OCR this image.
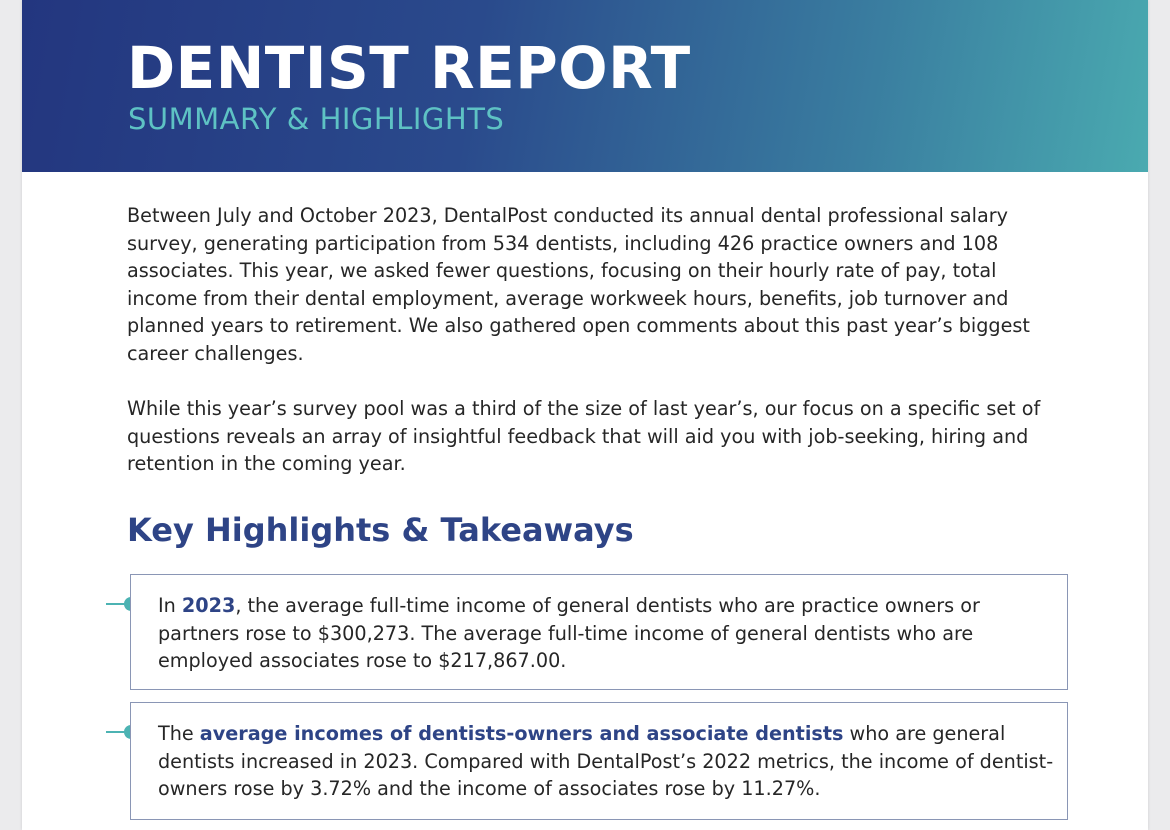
DENTIST REPORT
SUMMARY & HIGHLIGHTS

Between July and October 2023, DentalPost conducted its annual dental professional salary survey, generating participation from 534 dentists, including 426 practice owners and 108 associates. This year, we asked fewer questions, focusing on their hourly rate of pay, total income from their dental employment, average workweek hours, benefits, job turnover and planned years to retirement. We also gathered open comments about this past year’s biggest career challenges.

While this year’s survey pool was a third of the size of last year’s, our focus on a specific set of questions reveals an array of insightful feedback that will aid you with job-seeking, hiring and retention in the coming year.

Key Highlights & Takeaways

In 2023, the average full-time income of general dentists who are practice owners or partners rose to $300,273. The average full-time income of general dentists who are employed associates rose to $217,867.00.

The average incomes of dentists-owners and associate dentists who are general dentists increased in 2023. Compared with DentalPost’s 2022 metrics, the income of dentist-owners rose by 3.72% and the income of associates rose by 11.27%.
